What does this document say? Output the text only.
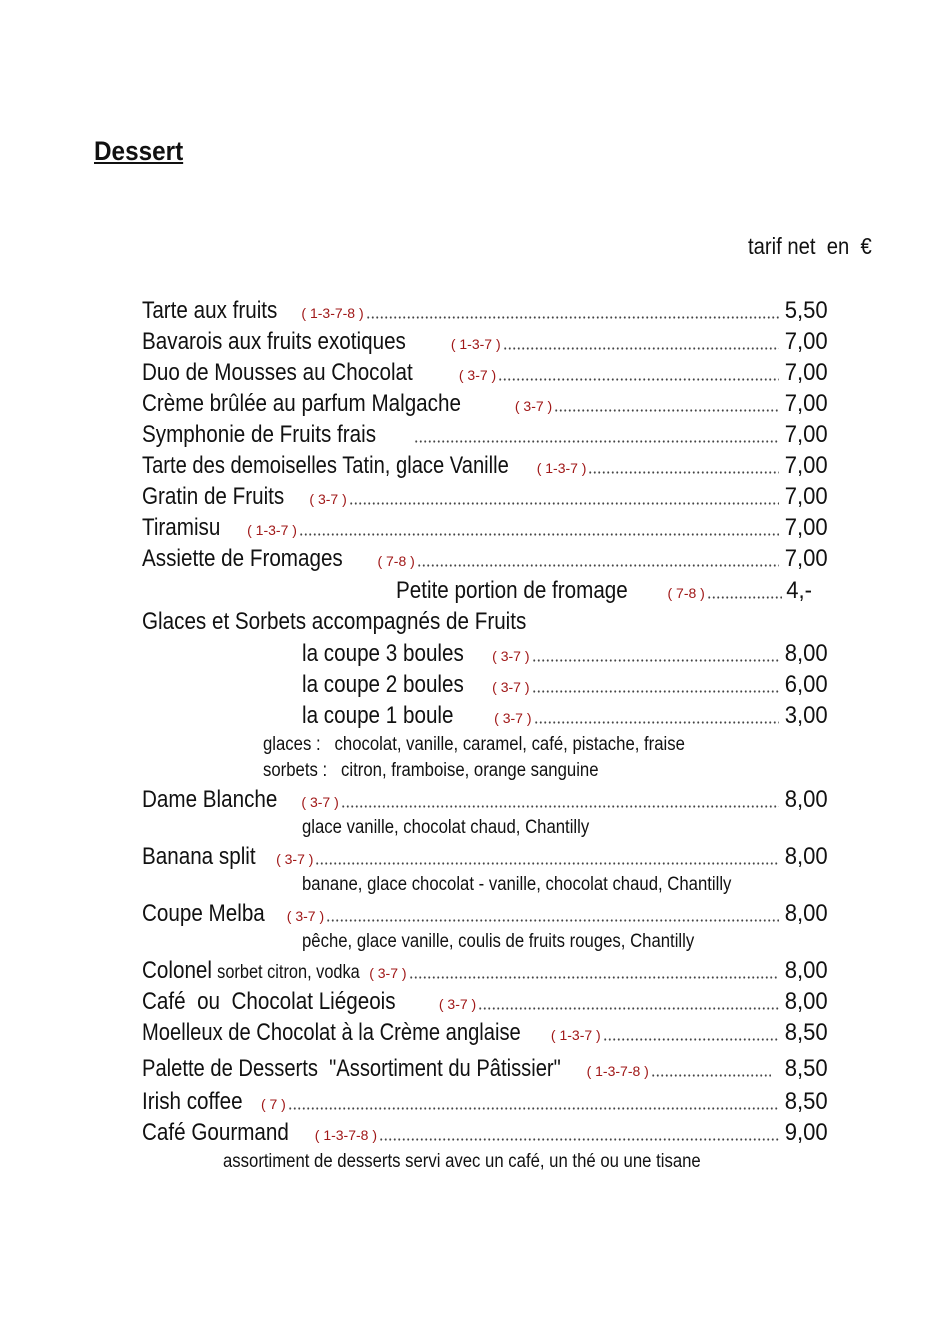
Dessert
tarif net  en  €
Tarte aux fruits ( 1-3-7-8 )	5,50
Bavarois aux fruits exotiques	( 1-3-7 )	7,00
Duo de Mousses au Chocolat	( 3-7 )	7,00
Crème brûlée au parfum Malgache	( 3-7 )	7,00
Symphonie de Fruits frais	7,00
Tarte des demoiselles Tatin, glace Vanille ( 1-3-7 )	7,00
Gratin de Fruits ( 3-7 )	7,00
Tiramisu ( 1-3-7 )	7,00
Assiette de Fromages ( 7-8 )	7,00
Petite portion de fromage	( 7-8 )	4,-
Glaces et Sorbets accompagnés de Fruits
la coupe 3 boules ( 3-7 )	8,00
la coupe 2 boules ( 3-7 )	6,00
la coupe 1 boule	( 3-7 )	3,00
glaces :   chocolat, vanille, caramel, café, pistache, fraise
sorbets :   citron, framboise, orange sanguine
Dame Blanche ( 3-7 )	8,00
glace vanille, chocolat chaud, Chantilly
Banana split ( 3-7 )	8,00
banane, glace chocolat - vanille, chocolat chaud, Chantilly
Coupe Melba ( 3-7 )	8,00
pêche, glace vanille, coulis de fruits rouges, Chantilly
Colonel sorbet citron, vodka ( 3-7 )	8,00
Café  ou  Chocolat Liégeois	( 3-7 )	8,00
Moelleux de Chocolat à la Crème anglaise ( 1-3-7 )	8,50
Palette de Desserts  "Assortiment du Pâtissier" ( 1-3-7-8 )	8,50
Irish coffee ( 7 )	8,50
Café Gourmand ( 1-3-7-8 )	9,00
assortiment de desserts servi avec un café, un thé ou une tisane
